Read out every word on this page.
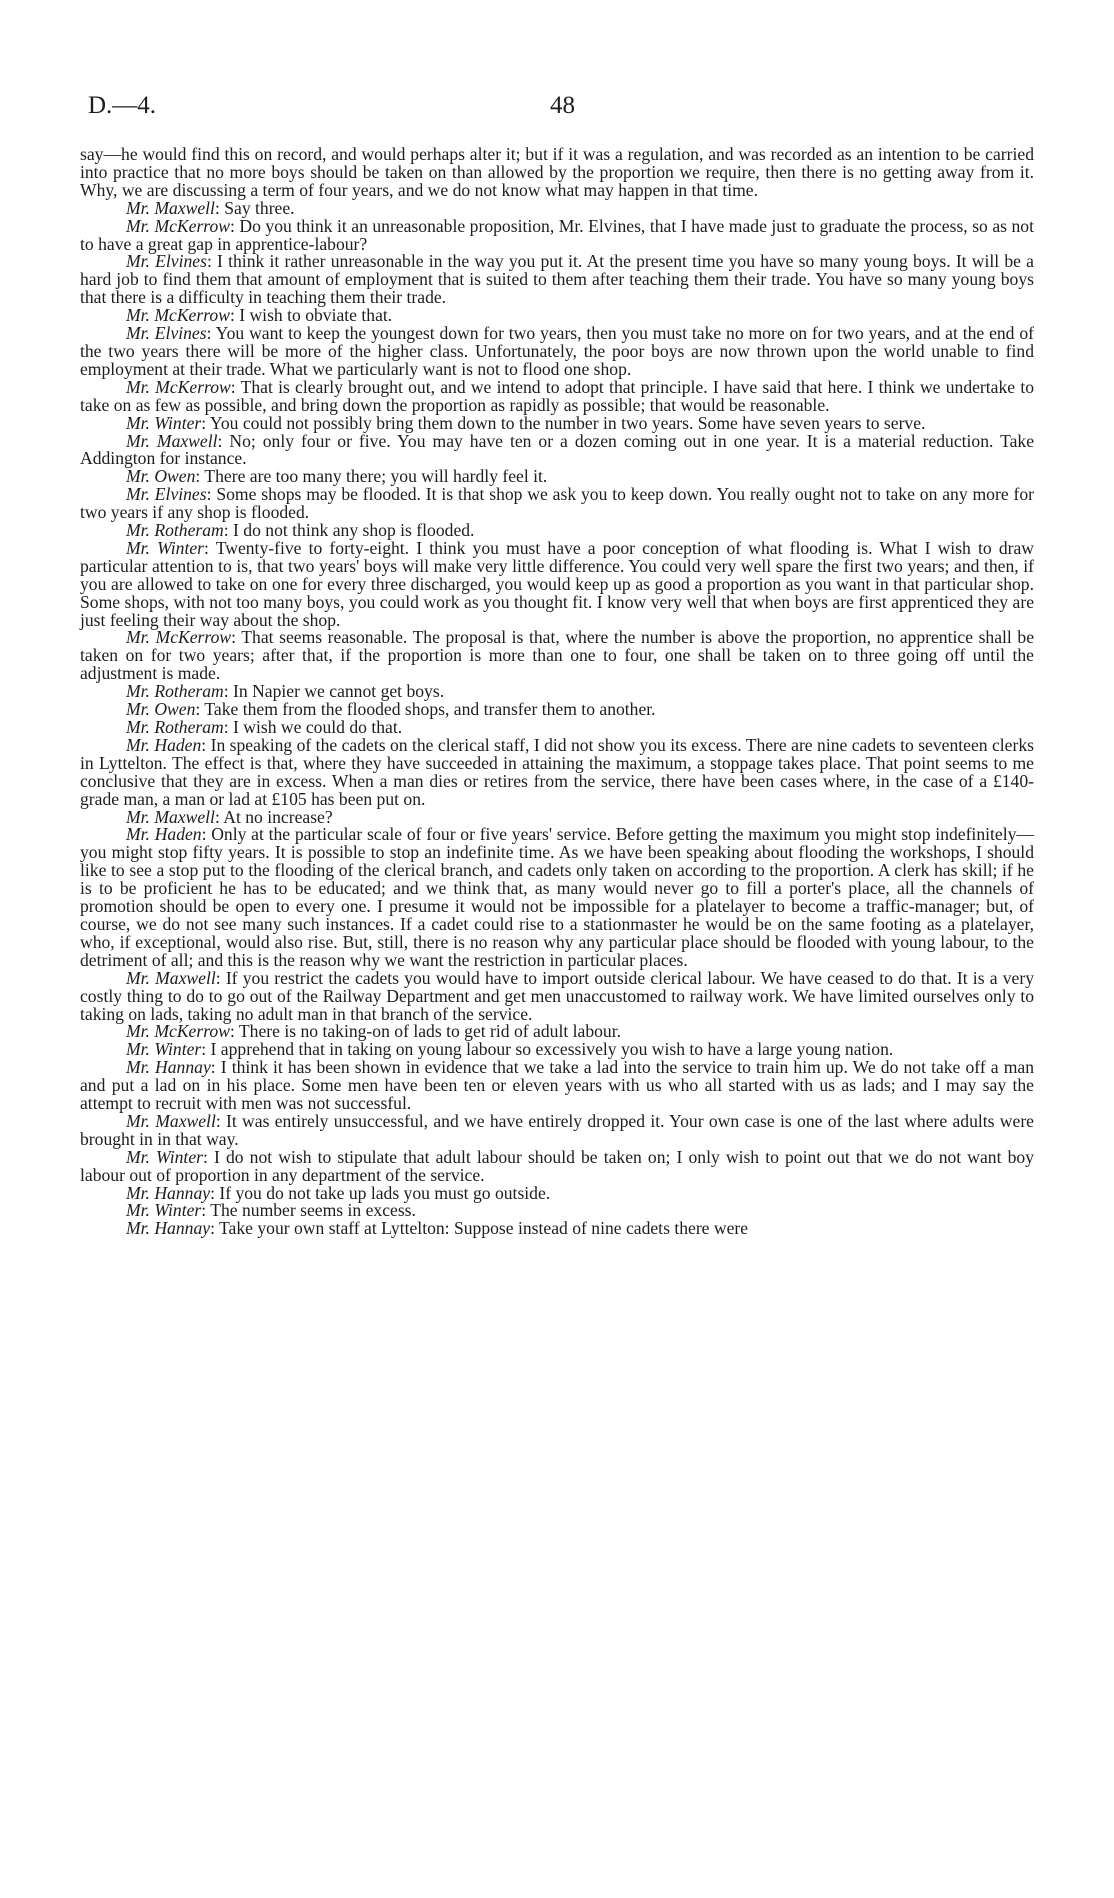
D.—4.	48

say—he would find this on record, and would perhaps alter it; but if it was a regulation, and was recorded as an intention to be carried into practice that no more boys should be taken on than allowed by the proportion we require, then there is no getting away from it. Why, we are discussing a term of four years, and we do not know what may happen in that time.

Mr. Maxwell: Say three.

Mr. McKerrow: Do you think it an unreasonable proposition, Mr. Elvines, that I have made just to graduate the process, so as not to have a great gap in apprentice-labour?

Mr. Elvines: I think it rather unreasonable in the way you put it. At the present time you have so many young boys. It will be a hard job to find them that amount of employment that is suited to them after teaching them their trade. You have so many young boys that there is a difficulty in teaching them their trade.

Mr. McKerrow: I wish to obviate that.

Mr. Elvines: You want to keep the youngest down for two years, then you must take no more on for two years, and at the end of the two years there will be more of the higher class. Unfortunately, the poor boys are now thrown upon the world unable to find employment at their trade. What we particularly want is not to flood one shop.

Mr. McKerrow: That is clearly brought out, and we intend to adopt that principle. I have said that here. I think we undertake to take on as few as possible, and bring down the proportion as rapidly as possible; that would be reasonable.

Mr. Winter: You could not possibly bring them down to the number in two years. Some have seven years to serve.

Mr. Maxwell: No; only four or five. You may have ten or a dozen coming out in one year. It is a material reduction. Take Addington for instance.

Mr. Owen: There are too many there; you will hardly feel it.

Mr. Elvines: Some shops may be flooded. It is that shop we ask you to keep down. You really ought not to take on any more for two years if any shop is flooded.

Mr. Rotheram: I do not think any shop is flooded.

Mr. Winter: Twenty-five to forty-eight. I think you must have a poor conception of what flooding is. What I wish to draw particular attention to is, that two years' boys will make very little difference. You could very well spare the first two years; and then, if you are allowed to take on one for every three discharged, you would keep up as good a proportion as you want in that particular shop. Some shops, with not too many boys, you could work as you thought fit. I know very well that when boys are first apprenticed they are just feeling their way about the shop.

Mr. McKerrow: That seems reasonable. The proposal is that, where the number is above the proportion, no apprentice shall be taken on for two years; after that, if the proportion is more than one to four, one shall be taken on to three going off until the adjustment is made.

Mr. Rotheram: In Napier we cannot get boys.

Mr. Owen: Take them from the flooded shops, and transfer them to another.

Mr. Rotheram: I wish we could do that.

Mr. Haden: In speaking of the cadets on the clerical staff, I did not show you its excess. There are nine cadets to seventeen clerks in Lyttelton. The effect is that, where they have succeeded in attaining the maximum, a stoppage takes place. That point seems to me conclusive that they are in excess. When a man dies or retires from the service, there have been cases where, in the case of a £140-grade man, a man or lad at £105 has been put on.

Mr. Maxwell: At no increase?

Mr. Haden: Only at the particular scale of four or five years' service. Before getting the maximum you might stop indefinitely—you might stop fifty years. It is possible to stop an indefinite time. As we have been speaking about flooding the workshops, I should like to see a stop put to the flooding of the clerical branch, and cadets only taken on according to the proportion. A clerk has skill; if he is to be proficient he has to be educated; and we think that, as many would never go to fill a porter's place, all the channels of promotion should be open to every one. I presume it would not be impossible for a platelayer to become a traffic-manager; but, of course, we do not see many such instances. If a cadet could rise to a stationmaster he would be on the same footing as a platelayer, who, if exceptional, would also rise. But, still, there is no reason why any particular place should be flooded with young labour, to the detriment of all; and this is the reason why we want the restriction in particular places.

Mr. Maxwell: If you restrict the cadets you would have to import outside clerical labour. We have ceased to do that. It is a very costly thing to do to go out of the Railway Department and get men unaccustomed to railway work. We have limited ourselves only to taking on lads, taking no adult man in that branch of the service.

Mr. McKerrow: There is no taking-on of lads to get rid of adult labour.

Mr. Winter: I apprehend that in taking on young labour so excessively you wish to have a large young nation.

Mr. Hannay: I think it has been shown in evidence that we take a lad into the service to train him up. We do not take off a man and put a lad on in his place. Some men have been ten or eleven years with us who all started with us as lads; and I may say the attempt to recruit with men was not successful.

Mr. Maxwell: It was entirely unsuccessful, and we have entirely dropped it. Your own case is one of the last where adults were brought in in that way.

Mr. Winter: I do not wish to stipulate that adult labour should be taken on; I only wish to point out that we do not want boy labour out of proportion in any department of the service.

Mr. Hannay: If you do not take up lads you must go outside.

Mr. Winter: The number seems in excess.

Mr. Hannay: Take your own staff at Lyttelton: Suppose instead of nine cadets there were
